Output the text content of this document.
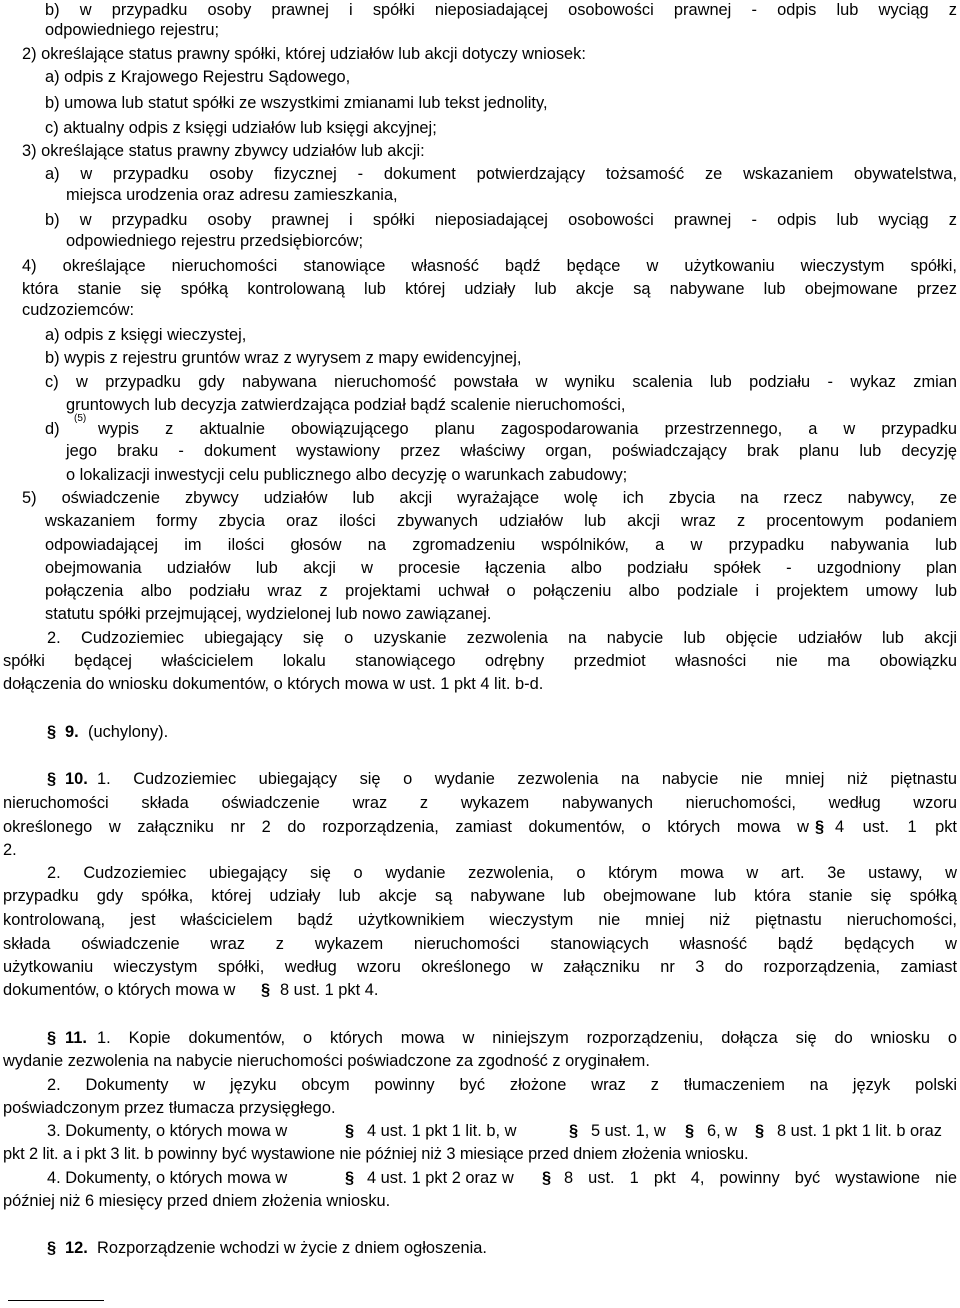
b) w przypadku osoby prawnej i spółki nieposiadającej osobowości prawnej - odpis lub wyciąg z
odpowiedniego rejestru;
2) określające status prawny spółki, której udziałów lub akcji dotyczy wniosek:
a) odpis z Krajowego Rejestru Sądowego,
b) umowa lub statut spółki ze wszystkimi zmianami lub tekst jednolity,
c) aktualny odpis z księgi udziałów lub księgi akcyjnej;
3) określające status prawny zbywcy udziałów lub akcji:
a) w przypadku osoby fizycznej - dokument potwierdzający tożsamość ze wskazaniem obywatelstwa,
miejsca urodzenia oraz adresu zamieszkania,
b) w przypadku osoby prawnej i spółki nieposiadającej osobowości prawnej - odpis lub wyciąg z
odpowiedniego rejestru przedsiębiorców;
4) określające nieruchomości stanowiące własność bądź będące w użytkowaniu wieczystym spółki,
która stanie się spółką kontrolowaną lub której udziały lub akcje są nabywane lub obejmowane przez
cudzoziemców:
a) odpis z księgi wieczystej,
b) wypis z rejestru gruntów wraz z wyrysem z mapy ewidencyjnej,
c) w przypadku gdy nabywana nieruchomość powstała w wyniku scalenia lub podziału - wykaz zmian
gruntowych lub decyzja zatwierdzająca podział bądź scalenie nieruchomości,
d)
(5)
wypis z aktualnie obowiązującego planu zagospodarowania przestrzennego, a w przypadku
jego braku - dokument wystawiony przez właściwy organ, poświadczający brak planu lub decyzję
o lokalizacji inwestycji celu publicznego albo decyzję o warunkach zabudowy;
5) oświadczenie zbywcy udziałów lub akcji wyrażające wolę ich zbycia na rzecz nabywcy, ze
wskazaniem formy zbycia oraz ilości zbywanych udziałów lub akcji wraz z procentowym podaniem
odpowiadającej im ilości głosów na zgromadzeniu wspólników, a w przypadku nabywania lub
obejmowania udziałów lub akcji w procesie łączenia albo podziału spółek - uzgodniony plan
połączenia albo podziału wraz z projektami uchwał o połączeniu albo podziale i projektem umowy lub
statutu spółki przejmującej, wydzielonej lub nowo zawiązanej.
2. Cudzoziemiec ubiegający się o uzyskanie zezwolenia na nabycie lub objęcie udziałów lub akcji
spółki będącej właścicielem lokalu stanowiącego odrębny przedmiot własności nie ma obowiązku
dołączenia do wniosku dokumentów, o których mowa w ust. 1 pkt 4 lit. b-d.
§ 9. (uchylony).
§ 10. 1. Cudzoziemiec ubiegający się o wydanie zezwolenia na nabycie nie mniej niż piętnastu
nieruchomości składa oświadczenie wraz z wykazem nabywanych nieruchomości, według wzoru
określonego w załączniku nr 2 do rozporządzenia, zamiast dokumentów, o których mowa w § 4 ust. 1 pkt
2.
2. Cudzoziemiec ubiegający się o wydanie zezwolenia, o którym mowa w art. 3e ustawy, w
przypadku gdy spółka, której udziały lub akcje są nabywane lub obejmowane lub która stanie się spółką
kontrolowaną, jest właścicielem bądź użytkownikiem wieczystym nie mniej niż piętnastu nieruchomości,
składa oświadczenie wraz z wykazem nieruchomości stanowiących własność bądź będących w
użytkowaniu wieczystym spółki, według wzoru określonego w załączniku nr 3 do rozporządzenia, zamiast
dokumentów, o których mowa w § 8 ust. 1 pkt 4.
§ 11. 1. Kopie dokumentów, o których mowa w niniejszym rozporządzeniu, dołącza się do wniosku o
wydanie zezwolenia na nabycie nieruchomości poświadczone za zgodność z oryginałem.
2. Dokumenty w języku obcym powinny być złożone wraz z tłumaczeniem na język polski
poświadczonym przez tłumacza przysięgłego.
3. Dokumenty, o których mowa w	§ 4 ust. 1 pkt 1 lit. b, w	§ 5 ust. 1, w § 6, w § 8 ust. 1 pkt 1 lit. b oraz
pkt 2 lit. a i pkt 3 lit. b powinny być wystawione nie później niż 3 miesiące przed dniem złożenia wniosku.
4. Dokumenty, o których mowa w	§ 4 ust. 1 pkt 2 oraz w § 8 ust. 1 pkt 4, powinny być wystawione nie
później niż 6 miesięcy przed dniem złożenia wniosku.
§ 12. Rozporządzenie wchodzi w życie z dniem ogłoszenia.
